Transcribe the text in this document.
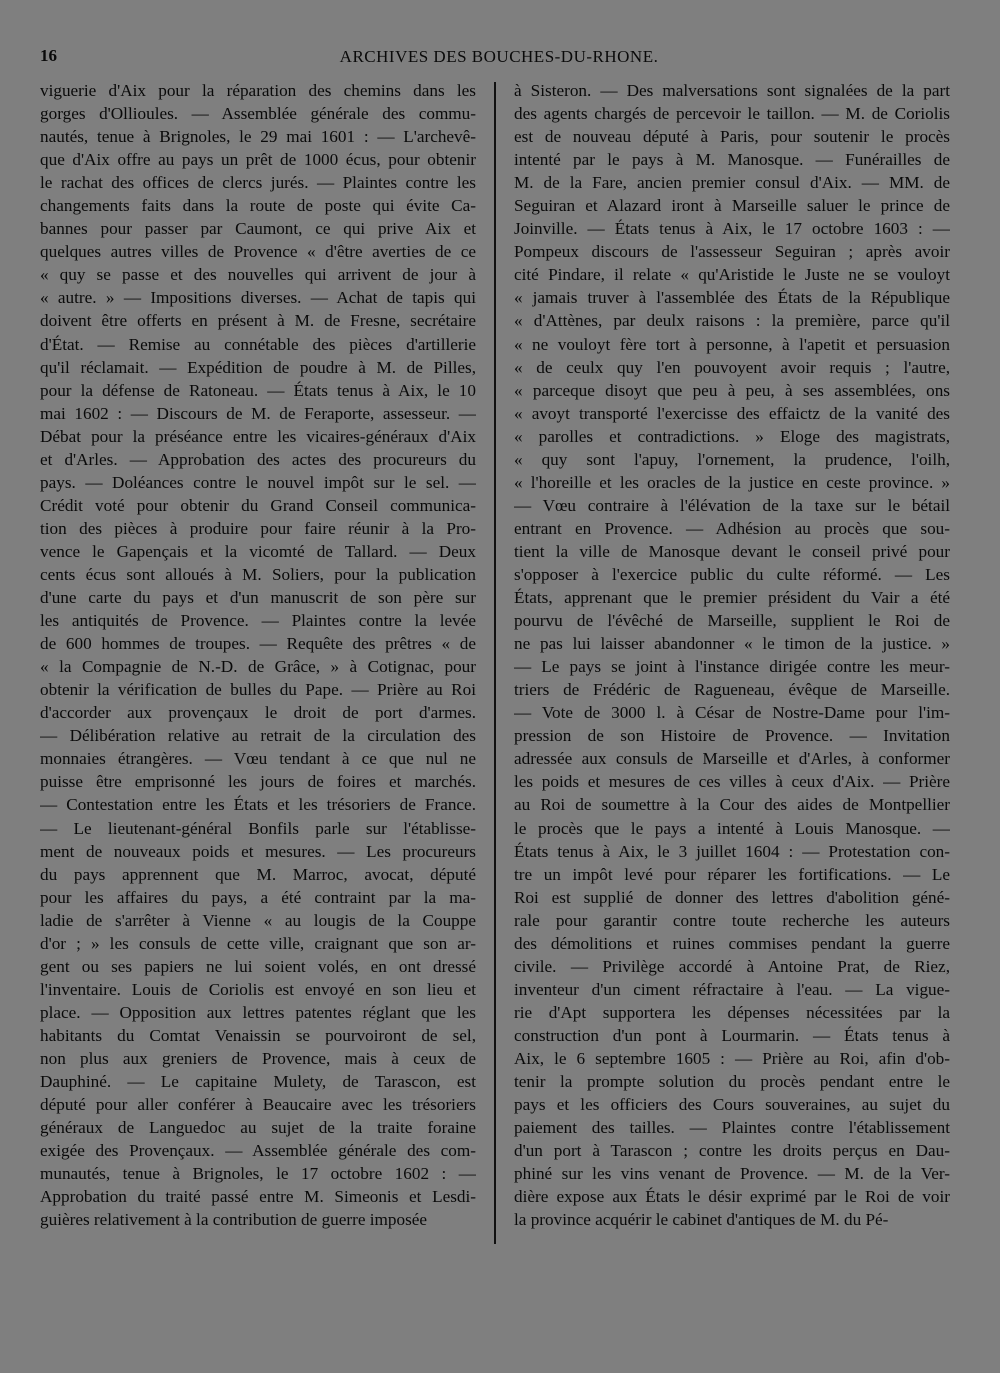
16	ARCHIVES DES BOUCHES-DU-RHONE.
viguerie d'Aix pour la réparation des chemins dans les
gorges d'Ollioules. — Assemblée générale des commu-
nautés, tenue à Brignoles, le 29 mai 1601 : — L'archevê-
que d'Aix offre au pays un prêt de 1000 écus, pour obtenir
le rachat des offices de clercs jurés. — Plaintes contre les
changements faits dans la route de poste qui évite Ca-
bannes pour passer par Caumont, ce qui prive Aix et
quelques autres villes de Provence « d'être averties de ce
« quy se passe et des nouvelles qui arrivent de jour à
« autre. » — Impositions diverses. — Achat de tapis qui
doivent être offerts en présent à M. de Fresne, secrétaire
d'État. — Remise au connétable des pièces d'artillerie
qu'il réclamait. — Expédition de poudre à M. de Pilles,
pour la défense de Ratoneau. — États tenus à Aix, le 10
mai 1602 : — Discours de M. de Feraporte, assesseur. —
Débat pour la préséance entre les vicaires-généraux d'Aix
et d'Arles. — Approbation des actes des procureurs du
pays. — Doléances contre le nouvel impôt sur le sel. —
Crédit voté pour obtenir du Grand Conseil communica-
tion des pièces à produire pour faire réunir à la Pro-
vence le Gapençais et la vicomté de Tallard. — Deux
cents écus sont alloués à M. Soliers, pour la publication
d'une carte du pays et d'un manuscrit de son père sur
les antiquités de Provence. — Plaintes contre la levée
de 600 hommes de troupes. — Requête des prêtres « de
« la Compagnie de N.-D. de Grâce, » à Cotignac, pour
obtenir la vérification de bulles du Pape. — Prière au Roi
d'accorder aux provençaux le droit de port d'armes.
— Délibération relative au retrait de la circulation des
monnaies étrangères. — Vœu tendant à ce que nul ne
puisse être emprisonné les jours de foires et marchés.
— Contestation entre les États et les trésoriers de France.
— Le lieutenant-général Bonfils parle sur l'établisse-
ment de nouveaux poids et mesures. — Les procureurs
du pays apprennent que M. Marroc, avocat, député
pour les affaires du pays, a été contraint par la ma-
ladie de s'arrêter à Vienne « au lougis de la Couppe
d'or ; » les consuls de cette ville, craignant que son ar-
gent ou ses papiers ne lui soient volés, en ont dressé
l'inventaire. Louis de Coriolis est envoyé en son lieu et
place. — Opposition aux lettres patentes réglant que les
habitants du Comtat Venaissin se pourvoiront de sel,
non plus aux greniers de Provence, mais à ceux de
Dauphiné. — Le capitaine Mulety, de Tarascon, est
député pour aller conférer à Beaucaire avec les trésoriers
généraux de Languedoc au sujet de la traite foraine
exigée des Provençaux. — Assemblée générale des com-
munautés, tenue à Brignoles, le 17 octobre 1602 : —
Approbation du traité passé entre M. Simeonis et Lesdi-
guières relativement à la contribution de guerre imposée
à Sisteron. — Des malversations sont signalées de la part
des agents chargés de percevoir le taillon. — M. de Coriolis
est de nouveau député à Paris, pour soutenir le procès
intenté par le pays à M. Manosque. — Funérailles de
M. de la Fare, ancien premier consul d'Aix. — MM. de
Seguiran et Alazard iront à Marseille saluer le prince de
Joinville. — États tenus à Aix, le 17 octobre 1603 : —
Pompeux discours de l'assesseur Seguiran ; après avoir
cité Pindare, il relate « qu'Aristide le Juste ne se vouloyt
« jamais truver à l'assemblée des États de la République
« d'Attènes, par deulx raisons : la première, parce qu'il
« ne vouloyt fère tort à personne, à l'apetit et persuasion
« de ceulx quy l'en pouvoyent avoir requis ; l'autre,
« parceque disoyt que peu à peu, à ses assemblées, ons
« avoyt transporté l'exercisse des effaictz de la vanité des
« parolles et contradictions. » Eloge des magistrats,
« quy sont l'apuy, l'ornement, la prudence, l'oilh,
« l'horeille et les oracles de la justice en ceste province. »
— Vœu contraire à l'élévation de la taxe sur le bétail
entrant en Provence. — Adhésion au procès que sou-
tient la ville de Manosque devant le conseil privé pour
s'opposer à l'exercice public du culte réformé. — Les
États, apprenant que le premier président du Vair a été
pourvu de l'évêché de Marseille, supplient le Roi de
ne pas lui laisser abandonner « le timon de la justice. »
— Le pays se joint à l'instance dirigée contre les meur-
triers de Frédéric de Ragueneau, évêque de Marseille.
— Vote de 3000 l. à César de Nostre-Dame pour l'im-
pression de son Histoire de Provence. — Invitation
adressée aux consuls de Marseille et d'Arles, à conformer
les poids et mesures de ces villes à ceux d'Aix. — Prière
au Roi de soumettre à la Cour des aides de Montpellier
le procès que le pays a intenté à Louis Manosque. —
États tenus à Aix, le 3 juillet 1604 : — Protestation con-
tre un impôt levé pour réparer les fortifications. — Le
Roi est supplié de donner des lettres d'abolition géné-
rale pour garantir contre toute recherche les auteurs
des démolitions et ruines commises pendant la guerre
civile. — Privilège accordé à Antoine Prat, de Riez,
inventeur d'un ciment réfractaire à l'eau. — La vigue-
rie d'Apt supportera les dépenses nécessitées par la
construction d'un pont à Lourmarin. — États tenus à
Aix, le 6 septembre 1605 : — Prière au Roi, afin d'ob-
tenir la prompte solution du procès pendant entre le
pays et les officiers des Cours souveraines, au sujet du
paiement des tailles. — Plaintes contre l'établissement
d'un port à Tarascon ; contre les droits perçus en Dau-
phiné sur les vins venant de Provence. — M. de la Ver-
dière expose aux États le désir exprimé par le Roi de voir
la province acquérir le cabinet d'antiques de M. du Pé-
